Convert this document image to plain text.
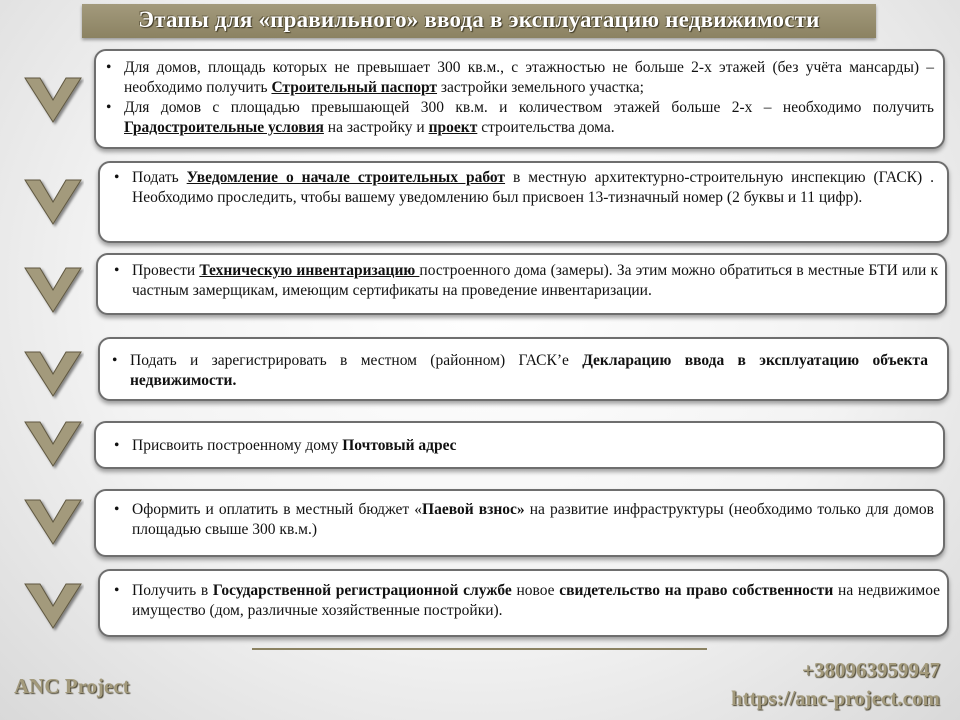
Этапы для «правильного» ввода в эксплуатацию недвижимости
• Для домов, площадь которых не превышает 300 кв.м., с этажностью не больше 2-х этажей (без учёта мансарды) – необходимо получить Строительный паспорт застройки земельного участка;
• Для домов с площадью превышающей 300 кв.м. и количеством этажей больше 2-х – необходимо получить Градостроительные условия на застройку и проект строительства дома.
• Подать Уведомление о начале строительных работ в местную архитектурно-строительную инспекцию (ГАСК) . Необходимо проследить, чтобы вашему уведомлению был присвоен 13-тизначный номер (2 буквы и 11 цифр).
• Провести Техническую инвентаризацию построенного дома (замеры). За этим можно обратиться в местные БТИ или к частным замерщикам, имеющим сертификаты на проведение инвентаризации.
• Подать и зарегистрировать в местном (районном) ГАСК’е Декларацию ввода в эксплуатацию объекта недвижимости.
• Присвоить построенному дому Почтовый адрес
• Оформить и оплатить в местный бюджет «Паевой взнос» на развитие инфраструктуры (необходимо только для домов площадью свыше 300 кв.м.)
• Получить в Государственной регистрационной службе новое свидетельство на право собственности на недвижимое имущество (дом, различные хозяйственные постройки).
ANC Project
+380963959947
https://anc-project.com
